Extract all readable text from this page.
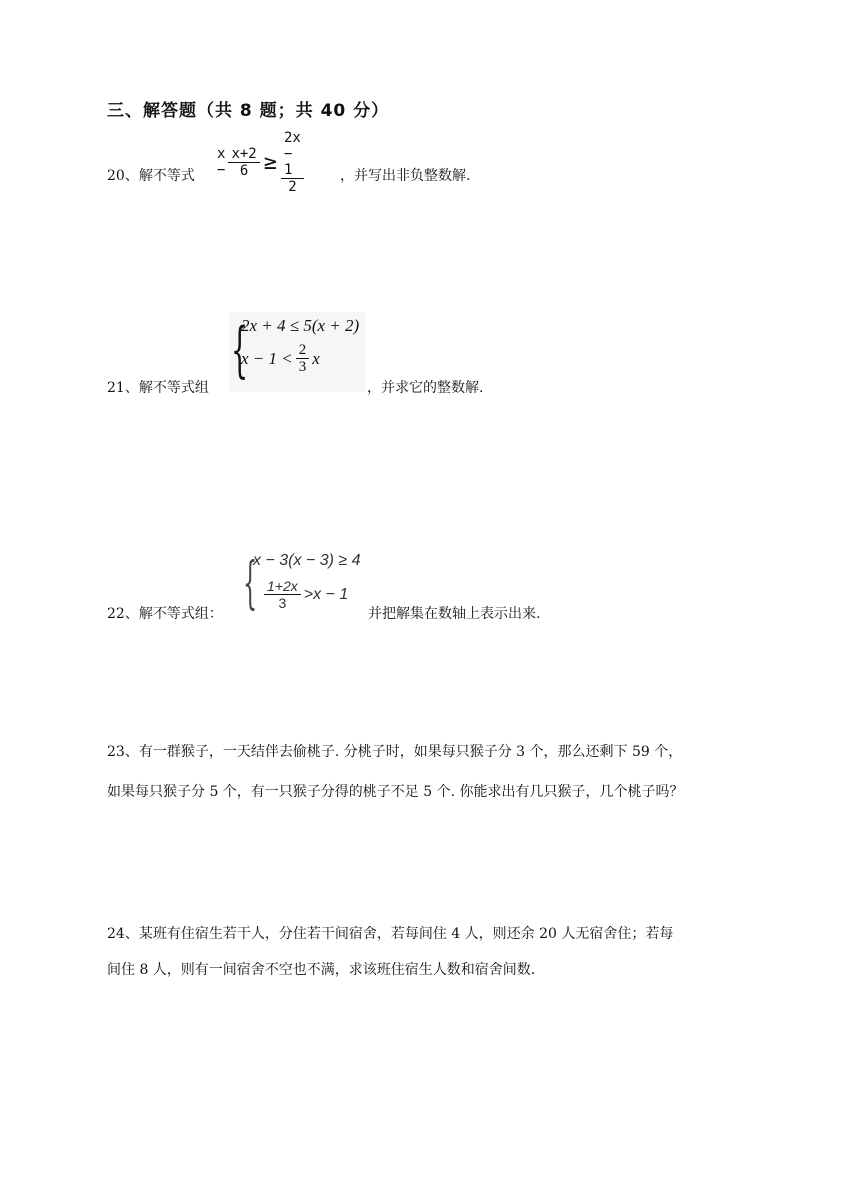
三、解答题（共 8 题；共 40 分）
20、解不等式
$x - \frac{x+2}{6} \ge \frac{2x - 1}{2}$	，并写出非负整数解.
21、解不等式组
{
2x + 4 ≤ 5(x + 2)
$x - 1 < \frac{2}{3}$ x
，并求它的整数解.
22、解不等式组： {
x − 3(x − 3) ≥ 4
$\frac{1+2x}{3} >x - 1$
并把解集在数轴上表示出来.
23、有一群猴子，一天结伴去偷桃子. 分桃子时，如果每只猴子分 3 个，那么还剩下 59 个，
如果每只猴子分 5 个，有一只猴子分得的桃子不足 5 个. 你能求出有几只猴子，几个桃子吗？
24、某班有住宿生若干人，分住若干间宿舍，若每间住 4 人，则还余 20 人无宿舍住；若每
间住 8 人，则有一间宿舍不空也不满，求该班住宿生人数和宿舍间数.
